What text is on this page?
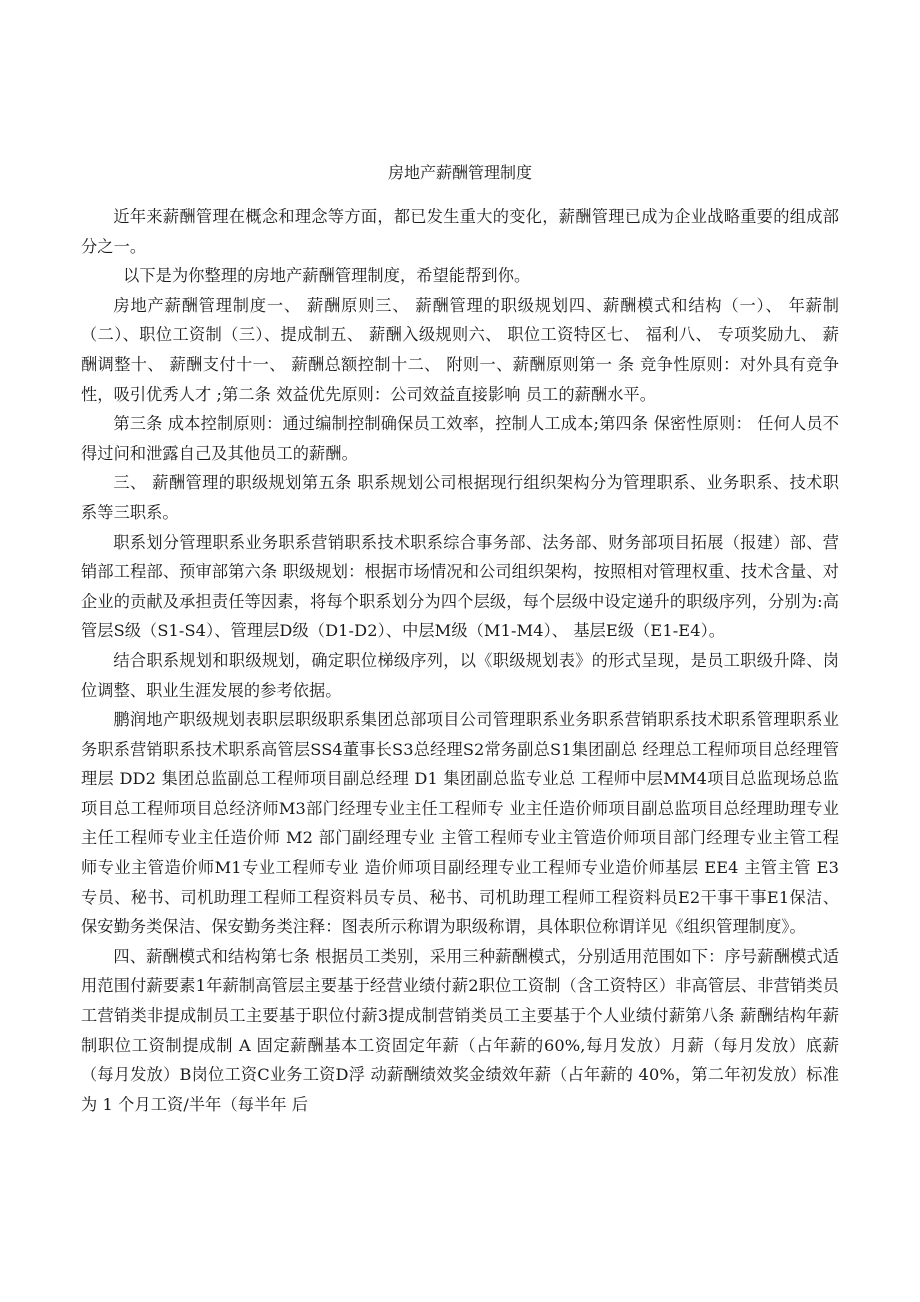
房地产薪酬管理制度

近年来薪酬管理在概念和理念等方面，都已发生重大的变化，薪酬管理已成为企业战略重要的组成部分之一。

以下是为你整理的房地产薪酬管理制度，希望能帮到你。

房地产薪酬管理制度一、 薪酬原则三、 薪酬管理的职级规划四、薪酬模式和结构（一）、 年薪制（二）、职位工资制（三）、提成制五、 薪酬入级规则六、 职位工资特区七、 福利八、 专项奖励九、 薪酬调整十、 薪酬支付十一、 薪酬总额控制十二、 附则一、薪酬原则第一 条 竞争性原则：对外具有竞争性，吸引优秀人才 ;第二条 效益优先原则：公司效益直接影响 员工的薪酬水平。

第三条 成本控制原则：通过编制控制确保员工效率，控制人工成本;第四条 保密性原则： 任何人员不得过问和泄露自己及其他员工的薪酬。

三、 薪酬管理的职级规划第五条 职系规划公司根据现行组织架构分为管理职系、业务职系、技术职系等三职系。

职系划分管理职系业务职系营销职系技术职系综合事务部、法务部、财务部项目拓展（报建）部、营销部工程部、预审部第六条 职级规划：根据市场情况和公司组织架构，按照相对管理权重、技术含量、对企业的贡献及承担责任等因素，将每个职系划分为四个层级，每个层级中设定递升的职级序列，分别为:高管层S级（S1-S4）、管理层D级（D1-D2）、中层M级（M1-M4）、 基层E级（E1-E4）。

结合职系规划和职级规划，确定职位梯级序列，以《职级规划表》的形式呈现，是员工职级升降、岗位调整、职业生涯发展的参考依据。

鹏润地产职级规划表职层职级职系集团总部项目公司管理职系业务职系营销职系技术职系管理职系业务职系营销职系技术职系高管层SS4董事长S3总经理S2常务副总S1集团副总 经理总工程师项目总经理管理层 DD2 集团总监副总工程师项目副总经理 D1 集团副总监专业总 工程师中层MM4项目总监现场总监项目总工程师项目总经济师M3部门经理专业主任工程师专 业主任造价师项目副总监项目总经理助理专业主任工程师专业主任造价师 M2 部门副经理专业 主管工程师专业主管造价师项目部门经理专业主管工程师专业主管造价师M1专业工程师专业 造价师项目副经理专业工程师专业造价师基层 EE4 主管主管 E3 专员、秘书、司机助理工程师工程资料员专员、秘书、司机助理工程师工程资料员E2干事干事E1保洁、保安勤务类保洁、保安勤务类注释：图表所示称谓为职级称谓，具体职位称谓详见《组织管理制度》。

四、薪酬模式和结构第七条 根据员工类别，采用三种薪酬模式，分别适用范围如下：序号薪酬模式适用范围付薪要素1年薪制高管层主要基于经营业绩付薪2职位工资制（含工资特区）非高管层、非营销类员工营销类非提成制员工主要基于职位付薪3提成制营销类员工主要基于个人业绩付薪第八条 薪酬结构年薪制职位工资制提成制 A 固定薪酬基本工资固定年薪（占年薪的60%,每月发放）月薪（每月发放）底薪（每月发放）B岗位工资C业务工资D浮 动薪酬绩效奖金绩效年薪（占年薪的 40%，第二年初发放）标准为 1 个月工资/半年（每半年 后
